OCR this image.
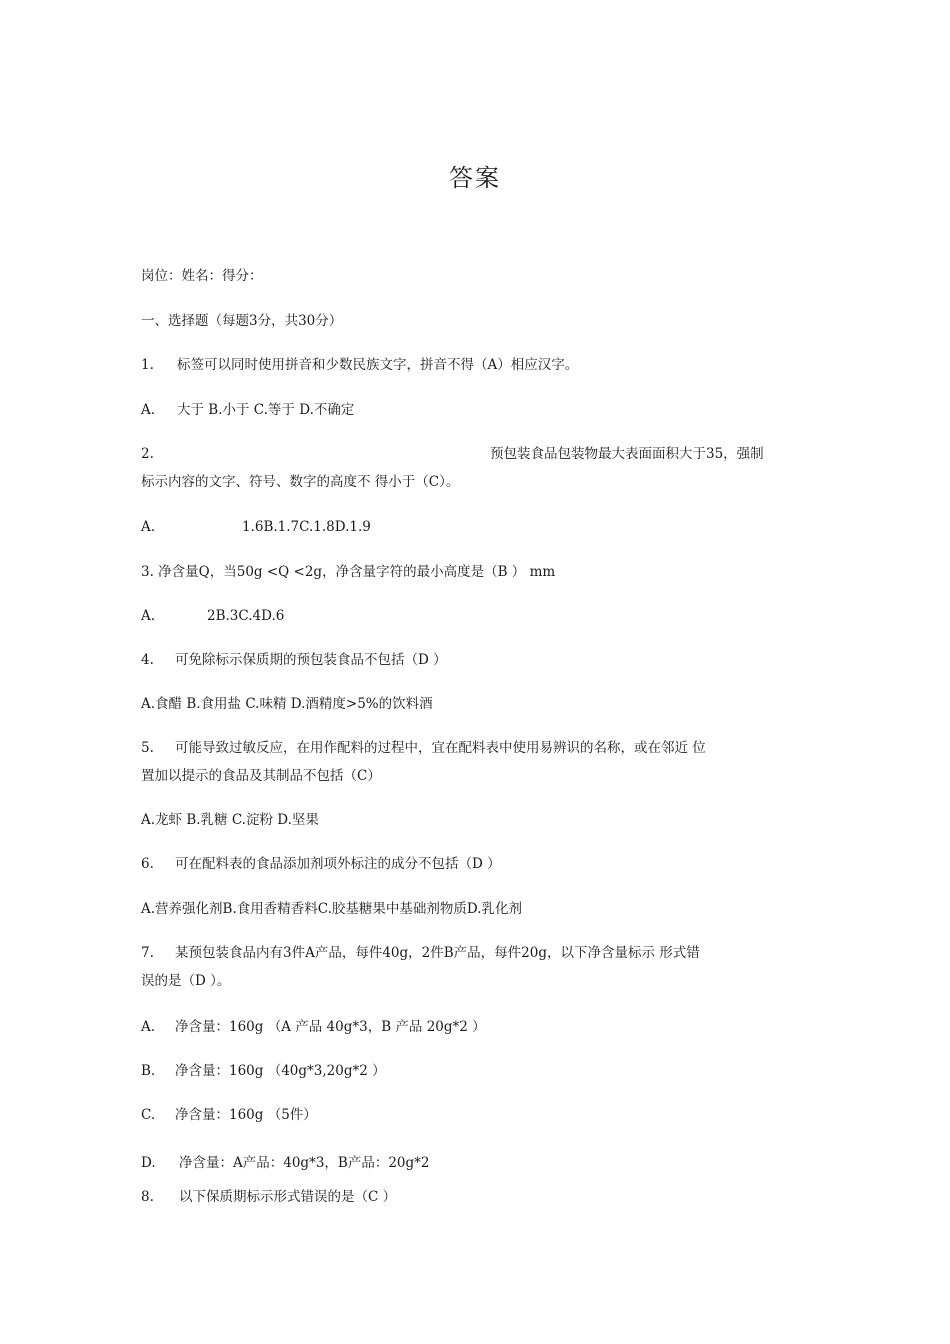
答案
岗位：姓名：得分：
一、选择题（每题3分，共30分）
1. 标签可以同时使用拼音和少数民族文字，拼音不得（A）相应汉字。
A. 大于 B.小于 C.等于 D.不确定
2.	预包装食品包装物最大表面面积大于35，强制
标示内容的文字、符号、数字的高度不 得小于（C）。
A.	1.6B.1.7C.1.8D.1.9
3. 净含量Q，当50g <Q <2g，净含量字符的最小高度是（B ） mm
A.	2B.3C.4D.6
4. 可免除标示保质期的预包装食品不包括（D ）
A.食醋 B.食用盐 C.味精 D.酒精度>5%的饮料酒
5. 可能导致过敏反应，在用作配料的过程中，宜在配料表中使用易辨识的名称，或在邻近 位
置加以提示的食品及其制品不包括（C）
A.龙虾 B.乳糖 C.淀粉 D.坚果
6. 可在配料表的食品添加剂项外标注的成分不包括（D ）
A.营养强化剂B.食用香精香料C.胶基糖果中基础剂物质D.乳化剂
7. 某预包装食品内有3件A产品，每件40g，2件B产品，每件20g，以下净含量标示 形式错
误的是（D ）。
A. 净含量：160g （A 产品 40g*3，B 产品 20g*2 ）
B. 净含量：160g （40g*3,20g*2 ）
C. 净含量：160g （5件）
D. 净含量：A产品：40g*3，B产品：20g*2
8. 以下保质期标示形式错误的是（C ）
